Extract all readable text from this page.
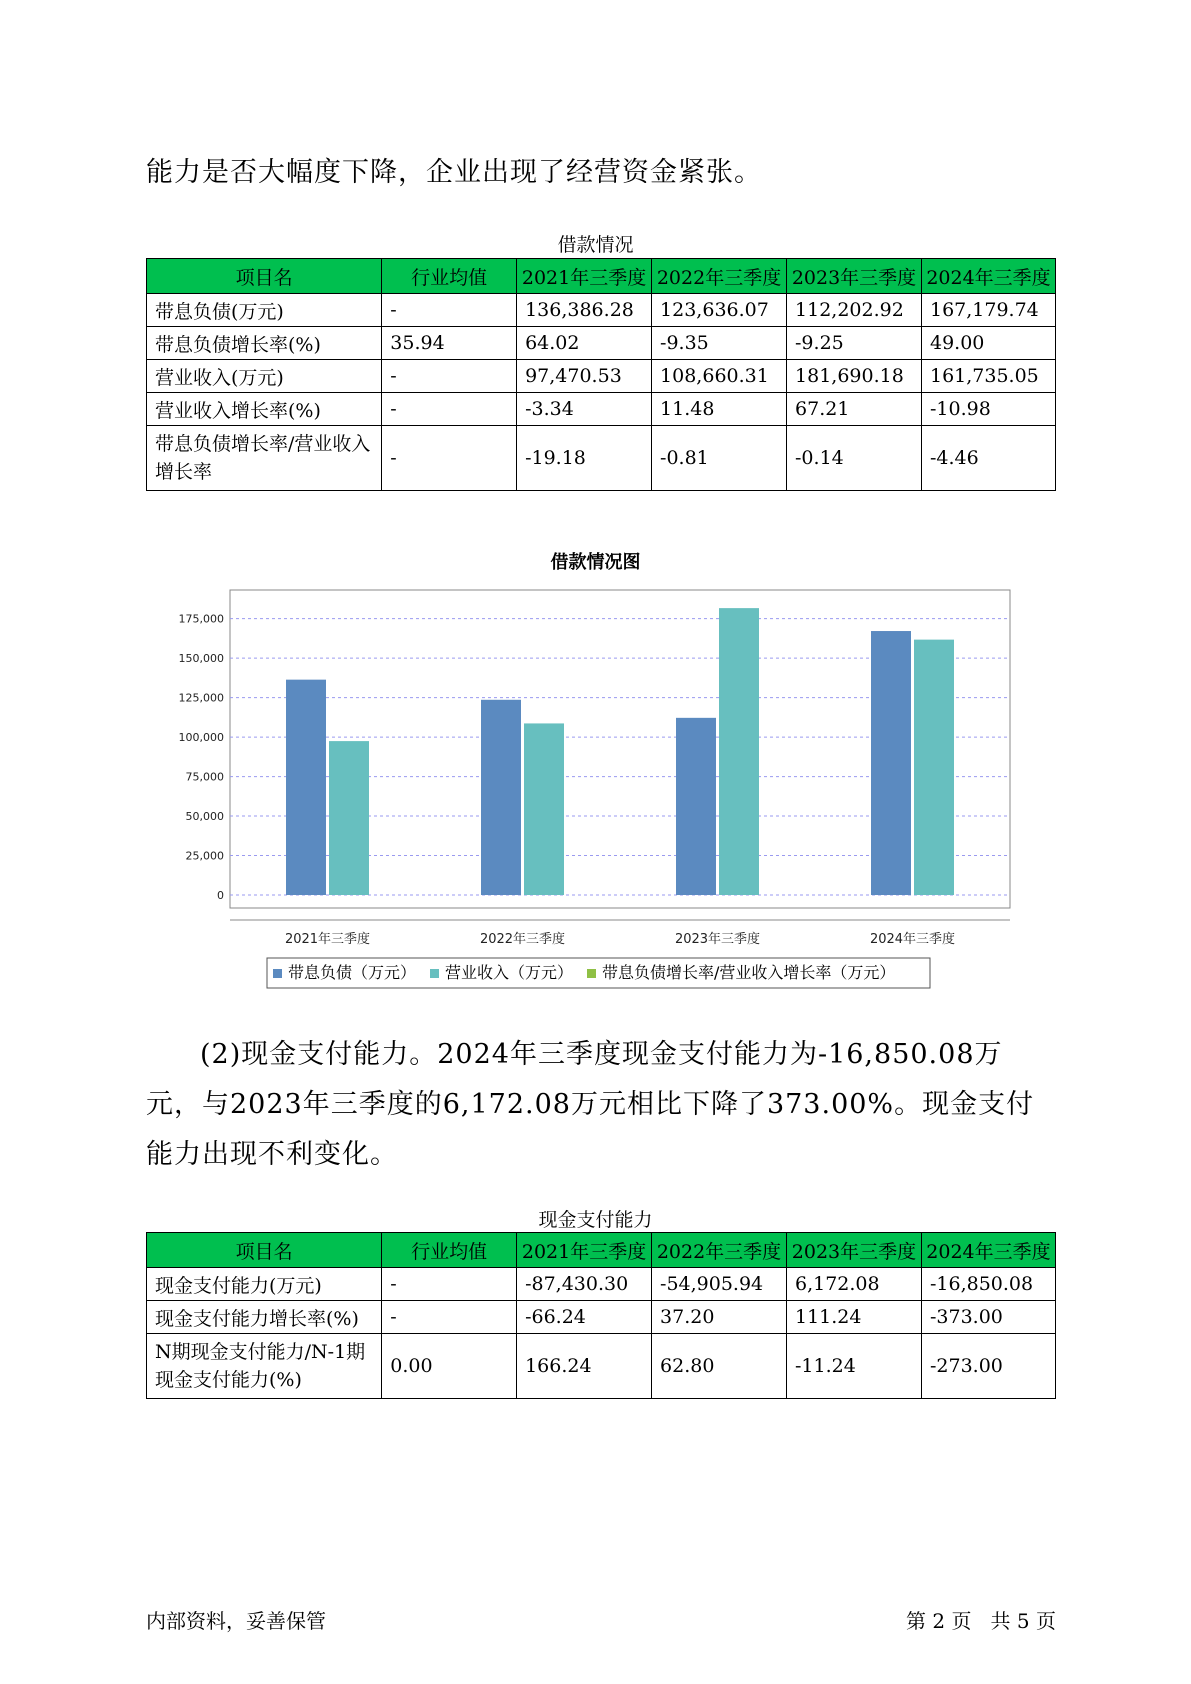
能力是否大幅度下降，企业出现了经营资金紧张。
借款情况
项目名	行业均值	2021年三季度	2022年三季度	2023年三季度	2024年三季度
带息负债(万元)	-	136,386.28	123,636.07	112,202.92	167,179.74
带息负债增长率(%)	35.94	64.02	-9.35	-9.25	49.00
营业收入(万元)	-	97,470.53	108,660.31	181,690.18	161,735.05
营业收入增长率(%)	-	-3.34	11.48	67.21	-10.98
带息负债增长率/营业收入增长率	-	-19.18	-0.81	-0.14	-4.46
借款情况图
0
25,000
50,000
75,000
100,000
125,000
150,000
175,000
2021年三季度	2022年三季度	2023年三季度	2024年三季度
带息负债（万元） 营业收入（万元） 带息负债增长率/营业收入增长率（万元）
(2)现金支付能力。2024年三季度现金支付能力为-16,850.08万元，与2023年三季度的6,172.08万元相比下降了373.00%。现金支付能力出现不利变化。
现金支付能力
项目名	行业均值	2021年三季度	2022年三季度	2023年三季度	2024年三季度
现金支付能力(万元)	-	-87,430.30	-54,905.94	6,172.08	-16,850.08
现金支付能力增长率(%)	-	-66.24	37.20	111.24	-373.00
N期现金支付能力/N-1期现金支付能力(%)	0.00	166.24	62.80	-11.24	-273.00
内部资料，妥善保管	第 2 页   共 5 页
